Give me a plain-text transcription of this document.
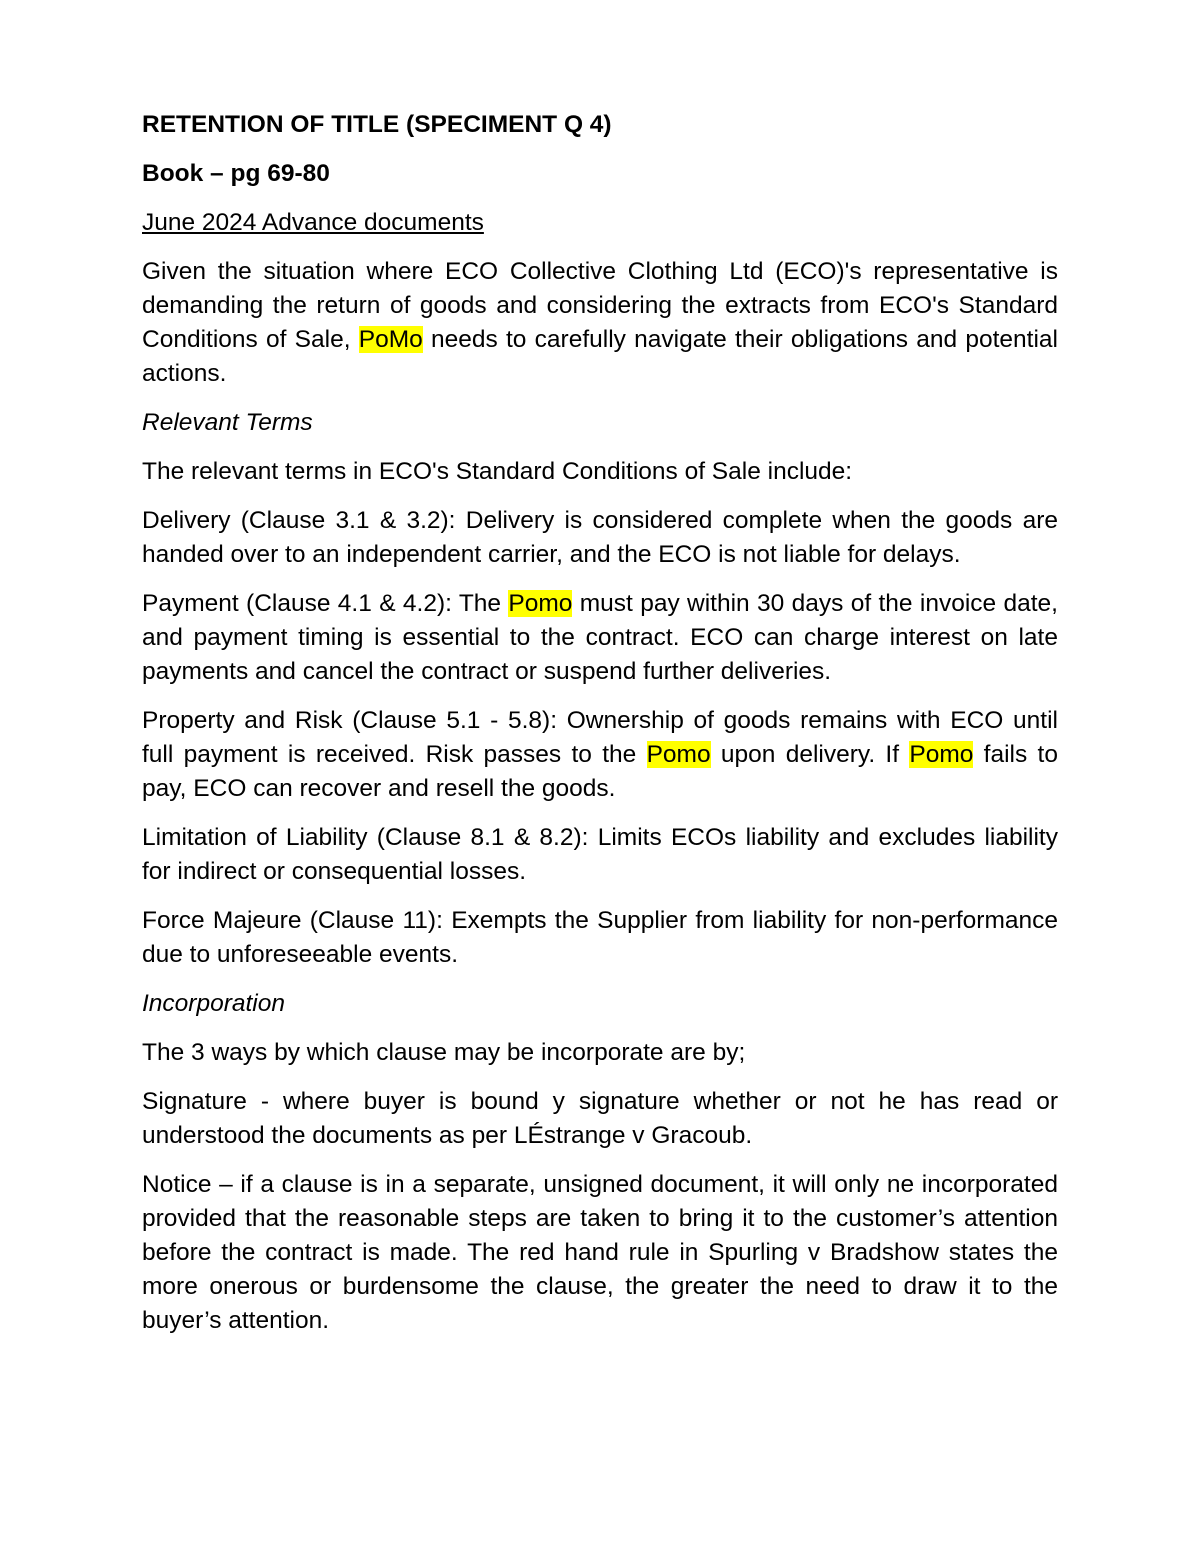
RETENTION OF TITLE (SPECIMENT Q 4)

Book – pg 69-80

June 2024 Advance documents

Given the situation where ECO Collective Clothing Ltd (ECO)'s representative is demanding the return of goods and considering the extracts from ECO's Standard Conditions of Sale, PoMo needs to carefully navigate their obligations and potential actions.

Relevant Terms

The relevant terms in ECO's Standard Conditions of Sale include:

Delivery (Clause 3.1 & 3.2): Delivery is considered complete when the goods are handed over to an independent carrier, and the ECO is not liable for delays.

Payment (Clause 4.1 & 4.2): The Pomo must pay within 30 days of the invoice date, and payment timing is essential to the contract. ECO can charge interest on late payments and cancel the contract or suspend further deliveries.

Property and Risk (Clause 5.1 - 5.8): Ownership of goods remains with ECO until full payment is received. Risk passes to the Pomo upon delivery. If Pomo fails to pay, ECO can recover and resell the goods.

Limitation of Liability (Clause 8.1 & 8.2): Limits ECOs liability and excludes liability for indirect or consequential losses.

Force Majeure (Clause 11): Exempts the Supplier from liability for non-performance due to unforeseeable events.

Incorporation

The 3 ways by which clause may be incorporate are by;

Signature - where buyer is bound y signature whether or not he has read or understood the documents as per LÉstrange v Gracoub.

Notice – if a clause is in a separate, unsigned document, it will only ne incorporated provided that the reasonable steps are taken to bring it to the customer’s attention before the contract is made. The red hand rule in Spurling v Bradshow states the more onerous or burdensome the clause, the greater the need to draw it to the buyer’s attention.
